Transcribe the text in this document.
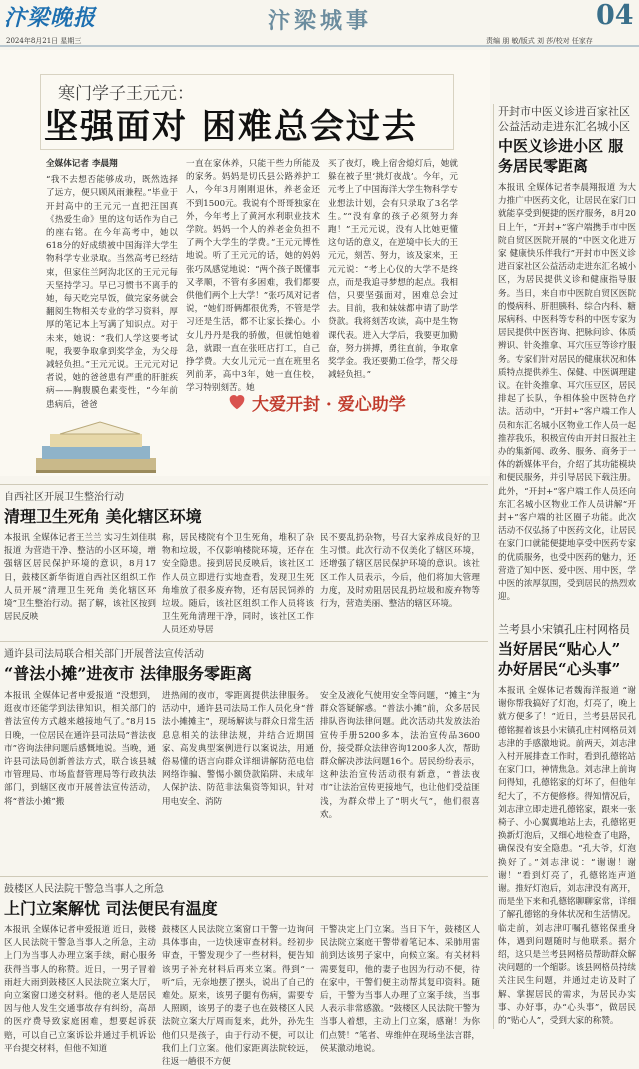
汴梁晚报	汴梁城事	04
2024年8月21日 星期三	责编 朋 敏/版式 刘 莎/校对 任家存
寒门学子王元元：
坚强面对 困难总会过去
全媒体记者 李晨翔
“我不去想否能够成功，既然选择了远方，便只顾风雨兼程。”毕业于开封高中的王元元一直把汪国真《热爱生命》里的这句话作为自己的座右铭。在今年高考中，她以618分的好成绩被中国海洋大学生物科学专业录取。当然高考已经结束，但家住兰阿沟北区的王元元每天坚持学习。早已习惯书不离手的她，每天吃完早饭，做完家务就会翻阅生物相关专业的学习资料，厚厚的笔记本上写满了知识点。对于未来，她说：“我们人学这要考试呢，我要争取拿到奖学金，为父母减轻负担。”王元元说。王元元对记者说，她的爸爸患有严重的肝脏疾病——胸腹膜色素变性，“今年前患病后，爸爸
一直在家休养，只能干些力所能及的家务。妈妈是切氏县公路养护工人，今年3月刚刚退休，养老金还不到1500元。我说有个哥哥独家在外，今年考上了黄河水利职业技术学院。妈妈一个人的养老金负担不了两个大学生的学费。”王元元博性地说。听了王元元的话，她的妈妈张巧凤感觉地说：“两个孩子既懂事又孝顺，不管有多困难，我们都要供他们两个上大学！”张巧凤对记者说，“她们哥俩都很优秀，不管是学习还是生活，都不让家长操心。小女儿丹丹是我的骄傲，但就怕她着急，就跟一直在张旺店打工，自己挣学费。大女儿元元一直在班里名列前茅，高中3年，她一直住校，学习特别刻苦。她
买了夜灯，晚上宿舍熄灯后，她就躲在被子里‘挑灯夜战’。今年，元元考上了中国海洋大学生物科学专业想法计划，会有只录取了3名学生。”“没有拿的孩子必须努力奔跑！”王元元说，没有人比她更懂这句话的意义，在逆境中长大的王元元，刻苦、努力，该及家来，王元元说：“考上心仪的大学不是终点，而是我追寻梦想的起点。我相信，只要坚强面对，困难总会过去。目前，我和妹妹都申请了助学贷款。我将刻苦攻读，高中是生物课代表。进入大学后，我要更加勤奋，努力拼搏，勇往直前，争取拿奖学金。我还要勤工俭学，帮父母减轻负担。”
大爱开封 · 爱心助学
开封市中医义诊进百家社区公益活动走进东汇名城小区
中医义诊进小区 服务居民零距离
本报讯 全媒体记者李晨翔报道 为大力推广中医药文化，让居民在家门口就能享受到便捷的医疗服务，8月20日上午，“开封+”客户端携手市中医院自贸区医院开展的“中医文化进万家 健康快乐伴我行”开封市中医义诊进百家社区公益活动走进东汇名城小区，为居民提供义诊和健康指导服务。当日，来自市中医院自贸区医院的慢病科、肝胆胰科、综合内科、糖尿病科、中医科等专科的中医专家为居民提供中医咨询、把脉问诊、体质辨识、针灸推拿、耳穴压豆等诊疗服务。专家们针对居民的健康状况和体质特点提供养生、保健、中医调理建议。在针灸推拿、耳穴压豆区，居民排起了长队，争相体验中医特色疗法。活动中，“开封+”客户端工作人员和东汇名城小区物业工作人员一起推荐我乐，积极宣传由开封日报社主办的集新闻、政务、服务、商务于一体的新媒体平台，介绍了其功能模块和便民服务，并引导居民下载注册。此外，“开封+”客户端工作人员还向东汇名城小区物业工作人员讲解“开封+”客户端的社区圈子功能。此次活动不仅弘扬了中医药文化，让居民在家门口就能便捷地享受中医药专家的优质服务，也受中医药的魅力，还营造了知中医、爱中医、用中医，学中医的浓厚氛围，受到居民的热烈欢迎。
兰考县小宋镇孔庄村网格员
当好居民“贴心人” 办好居民“心头事”
本报讯 全媒体记者魏海洋报道 “谢谢你帮我搞好了灯泡，灯亮了，晚上就方便多了！”近日，兰考县居民孔德铭握着该县小宋镇孔庄村网格员刘志津的手感激地说。前两天，刘志津入村开展排查工作时，看到孔德铭站在家门口，神情焦急。刘志津上前询问得知，孔德铭家的灯坏了，但他年纪大了，不方便修修。得知情况后，刘志津立即走进孔德铭家，跟来一张椅子、小心翼翼地站上去，孔德铭更换新灯泡后，又细心地检查了电路，确保没有安全隐患。“孔大爷，灯泡换好了。”刘志津说：“谢谢！谢谢！”看到灯亮了，孔德铭连声道谢。推好灯泡后，刘志津没有离开，而是坐下来和孔德铭聊聊家常，详细了解孔德铭的身体状况和生活情况。临走前，刘志津叮嘱孔德铭保重身体，遇到问题随时与他联系。据介绍，这只是兰考县网格员帮助群众解决问题的一个缩影。该县网格员持续关注民生问题，并通过走访及时了解、掌握居民的需求，为居民办实事、办好事，办“心头事”，做居民的“贴心人”，受到大家的称赞。
自西社区开展卫生整治行动
清理卫生死角 美化辖区环境
本报讯 全媒体记者王兰兰 实习生刘佳琪报道 为营造干净、整洁的小区环境，增强辖区居民保护环境的意识，8月17日，鼓楼区新华街道自西社区组织工作人员开展“清理卫生死角 美化辖区环境”卫生整治行动。据了解，该社区按到居民反映
称，居民楼院有个卫生死角，堆积了杂物和垃圾，不仅影响楼院环境，还存在安全隐患。接到居民反映后，该社区工作人员立即进行实地查看，发现卫生死角堆放了很多废弃物，还有居民饲养的垃圾。随后，该社区组织工作人员将该卫生死角清理干净，同时，该社区工作人员还劝导居
民不要乱扔杂物，号召大家养成良好的卫生习惯。此次行动不仅美化了辖区环境，还增强了辖区居民保护环境的意识。该社区工作人员表示，今后，他们将加大管理力度，及时劝阻居民乱扔垃圾和废弃物等行为，营造美丽、整洁的辖区环境。
通许县司法局联合相关部门开展普法宣传活动
“普法小摊”进夜市 法律服务零距离
本报讯 全媒体记者申爱报道 “没想到，逛夜市还能学到法律知识，相关部门的普法宣传方式越来越接地气了。”8月15日晚，一位居民在通许县司法局“普法夜市”咨询法律问题后感慨地说。当晚，通许县司法局创新普法方式，联合该县城市管理局、市场监督管理局等行政执法部门，到辖区夜市开展普法宣传活动，将“普法小摊”搬
进热闹的夜市，零距离提供法律服务。活动中，通许县司法局工作人员化身“普法小摊摊主”，现场解读与群众日常生活息息相关的法律法规，并结合近期国家、高发典型案例进行以案说法，用通俗易懂的语言向群众详细讲解防范电信网络诈骗、警惕小额贷款陷阱、未成年人保护法、防范非法集资等知识，针对用电安全、消防
安全及液化气使用安全等问题，“摊主”为群众答疑解惑。“普法小摊”前，众多居民排队咨询法律问题。此次活动共发放法治宣传手册5200多本，法治宣传品3600份，接受群众法律咨询1200多人次，帮助群众解决涉法问题16个。居民纷纷表示，这种法治宣传活动很有新意，“普法夜市”让法治宣传更接地气，也让他们受益匪浅，为群众带上了“明火气”，他们很喜欢。
鼓楼区人民法院干警急当事人之所急
上门立案解忧 司法便民有温度
本报讯 全媒体记者申爱报道 近日，鼓楼区人民法院干警急当事人之所急，主动上门为当事人办理立案手续，耐心服务获得当事人的称赞。近日，一男子冒着雨赶大雨到鼓楼区人民法院立案大厅，向立案窗口递交材料。他的老人是居民因与他人发生交通事故存有纠纷，高昂的医疗费导致家庭困难，想要起诉获赔，可以自己立案诉讼并通过手机诉讼平台提交材料，但他不知道
鼓楼区人民法院立案窗口干警一边询问具体事由，一边快速审查材料。经初步审查，干警发现少了一些材料，便告知该男子补充材料后再来立案。得到“一听”后，无奈地摆了摆头，说出了自己的难处。原来，该男子腿有伤病，需要专人照顾，该男子的妻子也在鼓楼区人民法院立案大厅周而复来，此外，孙先生他们只是孩子，由于行动不便，可以让我们上门立案。他们家距离法院较远，往返一趟很不方便
干警决定上门立案。当日下午，鼓楼区人民法院立案庭干警带着笔记本、采肺用雷前到达该男子家中，向候立案。有关材料需要复印，他的妻子也因为行动不便，待在家中，干警们便主动帮其复印资料。随后，干警为当事人办理了立案手续，当事人表示非常感激。“鼓楼区人民法院干警为当事人着想，主动上门立案，感谢！为你们点赞！”笔者、卑维仲在现场坐法言群，侯某激动地说。
